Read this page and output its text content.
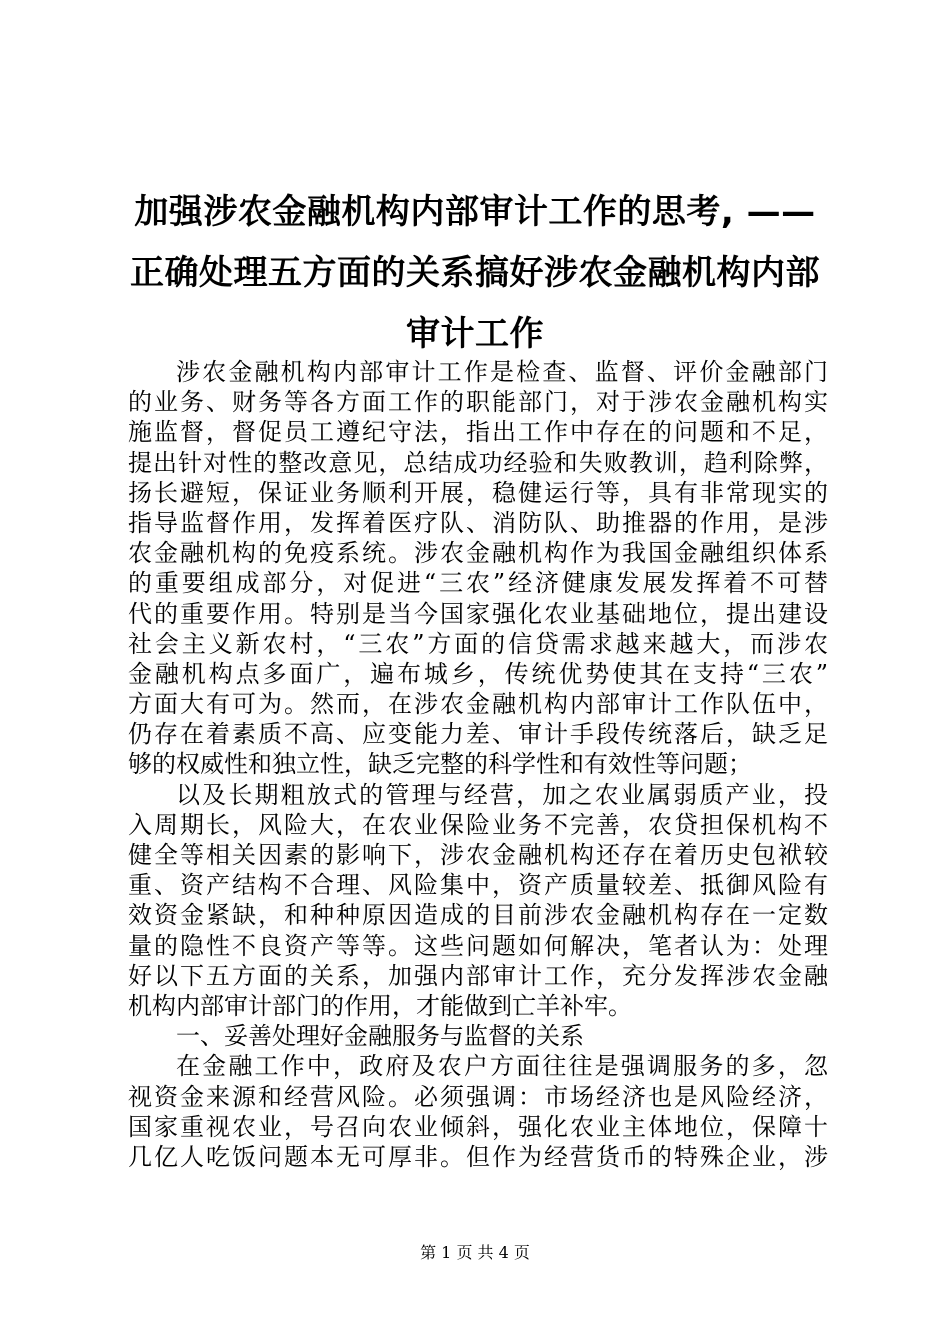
加强涉农金融机构内部审计工作的思考, ——
正确处理五方面的关系搞好涉农金融机构内部
审计工作
涉农金融机构内部审计工作是检查、监督、评价金融部门
的业务、财务等各方面工作的职能部门，对于涉农金融机构实
施监督，督促员工遵纪守法，指出工作中存在的问题和不足，
提出针对性的整改意见，总结成功经验和失败教训，趋利除弊，
扬长避短，保证业务顺利开展，稳健运行等，具有非常现实的
指导监督作用，发挥着医疗队、消防队、助推器的作用，是涉
农金融机构的免疫系统。涉农金融机构作为我国金融组织体系
的重要组成部分，对促进“三农”经济健康发展发挥着不可替
代的重要作用。特别是当今国家强化农业基础地位，提出建设
社会主义新农村，“三农”方面的信贷需求越来越大，而涉农
金融机构点多面广，遍布城乡，传统优势使其在支持“三农”
方面大有可为。然而，在涉农金融机构内部审计工作队伍中，
仍存在着素质不高、应变能力差、审计手段传统落后，缺乏足
够的权威性和独立性，缺乏完整的科学性和有效性等问题；
以及长期粗放式的管理与经营，加之农业属弱质产业，投
入周期长，风险大，在农业保险业务不完善，农贷担保机构不
健全等相关因素的影响下，涉农金融机构还存在着历史包袱较
重、资产结构不合理、风险集中，资产质量较差、抵御风险有
效资金紧缺，和种种原因造成的目前涉农金融机构存在一定数
量的隐性不良资产等等。这些问题如何解决，笔者认为：处理
好以下五方面的关系，加强内部审计工作，充分发挥涉农金融
机构内部审计部门的作用，才能做到亡羊补牢。
一、妥善处理好金融服务与监督的关系
在金融工作中，政府及农户方面往往是强调服务的多，忽
视资金来源和经营风险。必须强调：市场经济也是风险经济，
国家重视农业，号召向农业倾斜，强化农业主体地位，保障十
几亿人吃饭问题本无可厚非。但作为经营货币的特殊企业，涉
第 1 页 共 4 页
